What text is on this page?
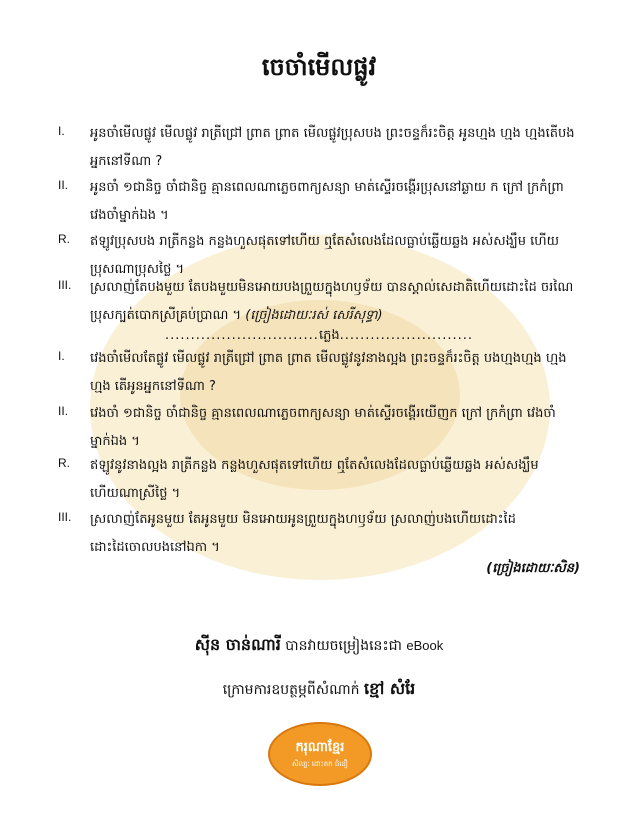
ចេចាំមើលផ្លូវ
I. អូនចាំមើលផ្លូវ មើលផ្លូវ រាត្រីជ្រៅ ព្រាត ព្រាត មើលផ្លូវប្រុសបង ព្រះចន្ទក៏រះចិត្ត អូនហ្មង ហ្មង ហ្មងតើបងអ្នកនៅទីណា ?
II. អូនចាំ ១ជានិច្ច ចាំជានិច្ច គ្មានពេលណាភ្លេចពាក្យសន្យា មាត់ស្ទើរចង្ដើរប្រុសនៅឆ្ងាយ ក ក្រៅ ក្រកំព្រា វេងចាំម្នាក់ឯង ។
R. ឥឡូវប្រុសបង រាត្រីកន្លង កន្លងហួសផុតទៅហើយ ឮតែសំលេងដែលធ្លាប់ឆ្លើយឆ្លង អស់សង្ឃឹម ហើយប្រុសណាប្រុសថ្លៃ ។
III. ស្រលាញ់តែបងមួយ តែបងមួយមិនអោយបងព្រួយក្នុងហឫទ័យ បានស្គាល់សេដាតិហើយដោះដៃ ចរណៃប្រុសក្បត់បោកស្រីគ្រប់ប្រាណ ។ (ច្រៀងដោយៈរស់ សេរីសុទ្ធា)
..............................ភ្លេង..........................
I. វេងចាំមើលតែផ្លូវ មើលផ្លូវ រាត្រីជ្រៅ ព្រាត ព្រាត មើលផ្លូវនូវនាងល្អង ព្រះចន្ទក៏រះចិត្ត បងហ្មងហ្មង ហ្មងហ្មង តើអូនអ្នកនៅទីណា ?
II. វេងចាំ ១ជានិច្ច ចាំជានិច្ច គ្មានពេលណាភ្លេចពាក្យសន្យា មាត់ស្ទើរចង្ដើរយើញក ក្រៅ ក្រកំព្រា វេងចាំម្នាក់ឯង ។
R. ឥឡូវនូវនាងល្អង រាត្រីកន្លង កន្លងហួសផុតទៅហើយ ឮតែសំលេងដែលធ្លាប់ឆ្លើយឆ្លង អស់សង្ឃឹម ហើយណាស្រីថ្លៃ ។
III. ស្រលាញ់តែអូនមួយ តែអូនមួយ មិនអោយអូនព្រួយក្នុងហឫទ័យ ស្រលាញ់បងហើយដោះដៃ ដោះដៃចោលបងនៅឯកា ។
(ច្រៀងដោយៈសិន)
ស៊ីន ចាន់ណារី បានវាយចម្រៀងនេះជា eBook
ក្រោមការឧបត្ថម្ភពីសំណាក់ ខ្មៅ សំរែ
ករុណាខ្មែរ
សិល្បៈ ដោះតក ជំនឿ
